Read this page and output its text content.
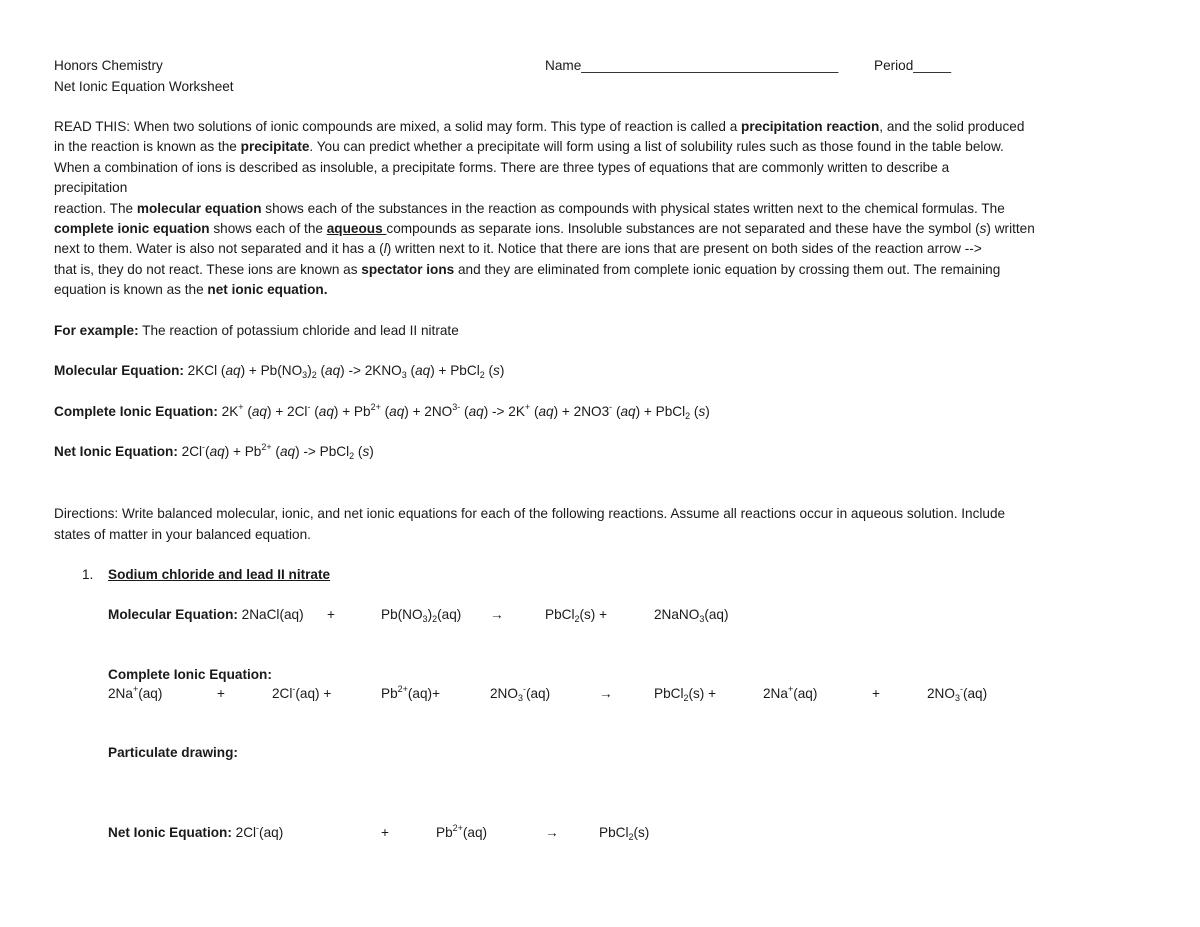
Honors Chemistry
Net Ionic Equation Worksheet
Name__________________________________	Period_____
READ THIS: When two solutions of ionic compounds are mixed, a solid may form. This type of reaction is called a precipitation reaction, and the solid produced
in the reaction is known as the precipitate. You can predict whether a precipitate will form using a list of solubility rules such as those found in the table below.
When a combination of ions is described as insoluble, a precipitate forms. There are three types of equations that are commonly written to describe a
precipitation
reaction. The molecular equation shows each of the substances in the reaction as compounds with physical states written next to the chemical formulas. The
complete ionic equation shows each of the aqueous compounds as separate ions. Insoluble substances are not separated and these have the symbol (s) written
next to them. Water is also not separated and it has a (l) written next to it. Notice that there are ions that are present on both sides of the reaction arrow -->
that is, they do not react. These ions are known as spectator ions and they are eliminated from complete ionic equation by crossing them out. The remaining
equation is known as the net ionic equation.
For example: The reaction of potassium chloride and lead II nitrate
Molecular Equation: 2KCl $(aq) + Pb(NO_3)_2$ $(aq) -> 2KNO_3$ (aq) + PbCl$_2$ (s)
Complete Ionic Equation: 2K+ (aq) + 2Cl- $(aq) + Pb^{2+}$ $(aq) + 2NO^{3-}$ (aq) -> 2K+ (aq) + 2NO3- (aq) + PbCl$_2$ (s)
Net Ionic Equation: $2Cl^-(aq) + Pb^{2+}$ (aq) -> PbCl$_2$ (s)
Directions: Write balanced molecular, ionic, and net ionic equations for each of the following reactions. Assume all reactions occur in aqueous solution. Include
states of matter in your balanced equation.
1. Sodium chloride and lead II nitrate
Molecular Equation: 2NaCl(aq) +	$Pb(NO_3)_2(aq)$ →	PbCl$_2$(s) +	2NaNO$_3$(aq)
Complete Ionic Equation:
2Na+(aq)	+	2Cl-(aq) +	$Pb^{2+}(aq)+$	$2NO_3^-(aq)$	→	PbCl$_2$(s) +	2Na+(aq)	+	$2NO_3^-(aq)$
Particulate drawing:
Net Ionic Equation: 2Cl-(aq)	+	$Pb^{2+}(aq)$	→	PbCl$_2$(s)
